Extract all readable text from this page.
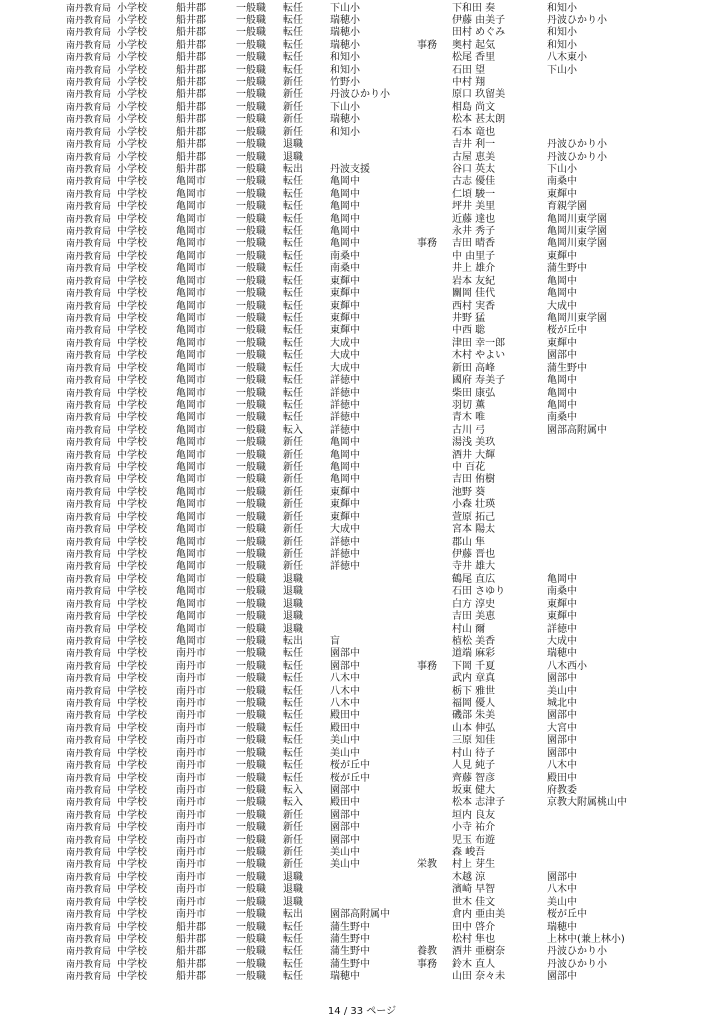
南丹教育局 小学校	船井郡	一般職 転任	下山小	下和田 奏	和知小
南丹教育局 小学校	船井郡	一般職 転任	瑞穂小	伊藤 由美子	丹波ひかり小
南丹教育局 小学校	船井郡	一般職 転任	瑞穂小	田村 めぐみ	和知小
南丹教育局 小学校	船井郡	一般職 転任	瑞穂小	事務 奥村 起気	和知小
南丹教育局 小学校	船井郡	一般職 転任	和知小	松尾 香里	八木東小
南丹教育局 小学校	船井郡	一般職 転任	和知小	石田 望	下山小
南丹教育局 小学校	船井郡	一般職 新任	竹野小	中村 翔
南丹教育局 小学校	船井郡	一般職 新任	丹波ひかり小	原口 玖留美
南丹教育局 小学校	船井郡	一般職 新任	下山小	相島 尚文
南丹教育局 小学校	船井郡	一般職 新任	瑞穂小	松本 甚太朗
南丹教育局 小学校	船井郡	一般職 新任	和知小	石本 竜也
南丹教育局 小学校	船井郡	一般職 退職	吉井 利一	丹波ひかり小
南丹教育局 小学校	船井郡	一般職 退職	古屋 恵美	丹波ひかり小
南丹教育局 小学校	船井郡	一般職 転出	丹波支援	谷口 英太	下山小
南丹教育局 中学校	亀岡市	一般職 転任	亀岡中	古志 優佳	南桑中
南丹教育局 中学校	亀岡市	一般職 転任	亀岡中	仁頃 駿一	東輝中
南丹教育局 中学校	亀岡市	一般職 転任	亀岡中	坪井 美里	育親学園
南丹教育局 中学校	亀岡市	一般職 転任	亀岡中	近藤 達也	亀岡川東学園
南丹教育局 中学校	亀岡市	一般職 転任	亀岡中	永井 秀子	亀岡川東学園
南丹教育局 中学校	亀岡市	一般職 転任	亀岡中	事務 吉田 晴香	亀岡川東学園
南丹教育局 中学校	亀岡市	一般職 転任	南桑中	中 由里子	東輝中
南丹教育局 中学校	亀岡市	一般職 転任	南桑中	井上 雄介	蒲生野中
南丹教育局 中学校	亀岡市	一般職 転任	東輝中	岩本 友紀	亀岡中
南丹教育局 中学校	亀岡市	一般職 転任	東輝中	關岡 佳代	亀岡中
南丹教育局 中学校	亀岡市	一般職 転任	東輝中	西村 実香	大成中
南丹教育局 中学校	亀岡市	一般職 転任	東輝中	井野 猛	亀岡川東学園
南丹教育局 中学校	亀岡市	一般職 転任	東輝中	中西 聡	桜が丘中
南丹教育局 中学校	亀岡市	一般職 転任	大成中	津田 幸一郎	東輝中
南丹教育局 中学校	亀岡市	一般職 転任	大成中	木村 やよい	園部中
南丹教育局 中学校	亀岡市	一般職 転任	大成中	新田 高峰	蒲生野中
南丹教育局 中学校	亀岡市	一般職 転任	詳徳中	國府 寿美子	亀岡中
南丹教育局 中学校	亀岡市	一般職 転任	詳徳中	柴田 康弘	亀岡中
南丹教育局 中学校	亀岡市	一般職 転任	詳徳中	羽切 薫	亀岡中
南丹教育局 中学校	亀岡市	一般職 転任	詳徳中	青木 唯	南桑中
南丹教育局 中学校	亀岡市	一般職 転入	詳徳中	古川 弓	園部高附属中
南丹教育局 中学校	亀岡市	一般職 新任	亀岡中	湯浅 美玖
南丹教育局 中学校	亀岡市	一般職 新任	亀岡中	酒井 大輝
南丹教育局 中学校	亀岡市	一般職 新任	亀岡中	中 百花
南丹教育局 中学校	亀岡市	一般職 新任	亀岡中	吉田 侑樹
南丹教育局 中学校	亀岡市	一般職 新任	東輝中	池野 葵
南丹教育局 中学校	亀岡市	一般職 新任	東輝中	小森 壮瑛
南丹教育局 中学校	亀岡市	一般職 新任	東輝中	萱原 拓己
南丹教育局 中学校	亀岡市	一般職 新任	大成中	宮本 陽太
南丹教育局 中学校	亀岡市	一般職 新任	詳徳中	郡山 隼
南丹教育局 中学校	亀岡市	一般職 新任	詳徳中	伊藤 晋也
南丹教育局 中学校	亀岡市	一般職 新任	詳徳中	寺井 雄大
南丹教育局 中学校	亀岡市	一般職 退職	鶴尾 直広	亀岡中
南丹教育局 中学校	亀岡市	一般職 退職	石田 さゆり	南桑中
南丹教育局 中学校	亀岡市	一般職 退職	白方 淳史	東輝中
南丹教育局 中学校	亀岡市	一般職 退職	吉田 美恵	東輝中
南丹教育局 中学校	亀岡市	一般職 退職	村山 爾	詳徳中
南丹教育局 中学校	亀岡市	一般職 転出	盲	植松 美香	大成中
南丹教育局 中学校	南丹市	一般職 転任	園部中	道端 麻彩	瑞穂中
南丹教育局 中学校	南丹市	一般職 転任	園部中	事務 下岡 千夏	八木西小
南丹教育局 中学校	南丹市	一般職 転任	八木中	武内 章真	園部中
南丹教育局 中学校	南丹市	一般職 転任	八木中	栃下 雅世	美山中
南丹教育局 中学校	南丹市	一般職 転任	八木中	福岡 優人	城北中
南丹教育局 中学校	南丹市	一般職 転任	殿田中	磯部 朱美	園部中
南丹教育局 中学校	南丹市	一般職 転任	殿田中	山本 伸弘	大宮中
南丹教育局 中学校	南丹市	一般職 転任	美山中	三原 知佳	園部中
南丹教育局 中学校	南丹市	一般職 転任	美山中	村山 待子	園部中
南丹教育局 中学校	南丹市	一般職 転任	桜が丘中	人見 純子	八木中
南丹教育局 中学校	南丹市	一般職 転任	桜が丘中	齊藤 智彦	殿田中
南丹教育局 中学校	南丹市	一般職 転入	園部中	坂東 健大	府教委
南丹教育局 中学校	南丹市	一般職 転入	殿田中	松本 志津子	京教大附属桃山中
南丹教育局 中学校	南丹市	一般職 新任	園部中	垣内 良友
南丹教育局 中学校	南丹市	一般職 新任	園部中	小寺 祐介
南丹教育局 中学校	南丹市	一般職 新任	園部中	児玉 布遊
南丹教育局 中学校	南丹市	一般職 新任	美山中	森 峻吾
南丹教育局 中学校	南丹市	一般職 新任	美山中	栄教 村上 芽生
南丹教育局 中学校	南丹市	一般職 退職	木越 涼	園部中
南丹教育局 中学校	南丹市	一般職 退職	濱崎 早智	八木中
南丹教育局 中学校	南丹市	一般職 退職	世木 佳文	美山中
南丹教育局 中学校	南丹市	一般職 転出	園部高附属中	倉内 亜由美	桜が丘中
南丹教育局 中学校	船井郡	一般職 転任	蒲生野中	田中 啓介	瑞穂中
南丹教育局 中学校	船井郡	一般職 転任	蒲生野中	松村 隼也	上林中(兼上林小)
南丹教育局 中学校	船井郡	一般職 転任	蒲生野中	養教 酒井 亜樹奈	丹波ひかり小
南丹教育局 中学校	船井郡	一般職 転任	蒲生野中	事務 鈴木 直人	丹波ひかり小
南丹教育局 中学校	船井郡	一般職 転任	瑞穂中	山田 奈々未	園部中
14 / 33 ページ
